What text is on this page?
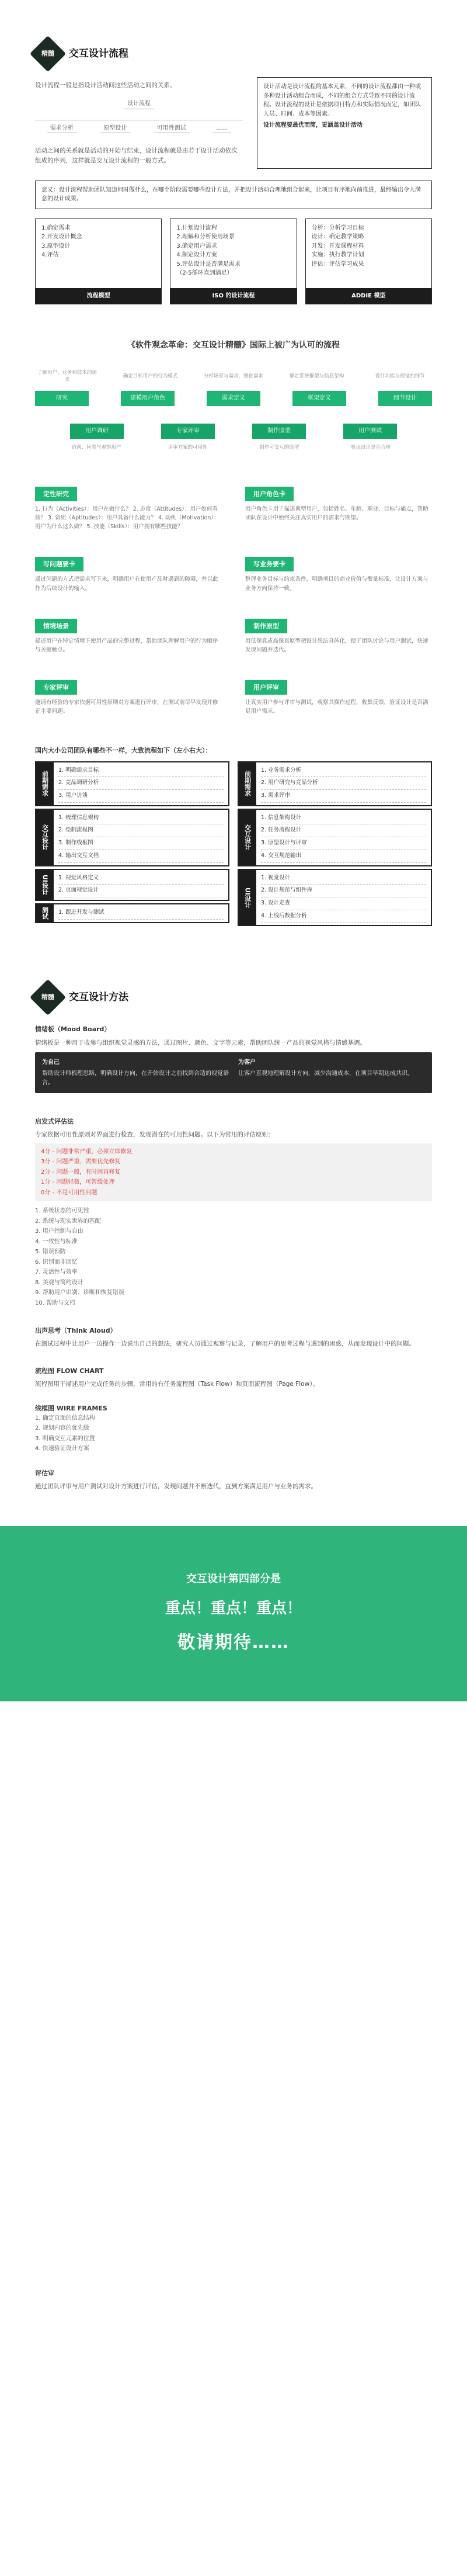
精髓 交互设计流程
设计流程一般是指设计活动间这些活动之间的关系。
设计流程
需求分析	原型设计	可用性测试	……
活动之间的关系就是活动的开始与结束，设计流程就是由若干设计活动依次组成的序列，这样就是交互设计流程的一般方式。
设计活动是设计流程的基本元素，不同的设计流程都由一种或多种设计活动组合而成，不同的组合方式导致不同的设计流程。设计流程的设计是依据项目特点和实际情况而定，如团队人员、时间、成本等因素。
设计流程要最优而简，更涵盖设计活动
意义：设计流程帮助团队知道何时做什么，在哪个阶段需要哪些设计方法，并把设计活动合理地组合起来，让项目有序地向前推进，最终输出令人满意的设计成果。
1.确定需求
2.开发设计概念
3.原型设计
4.评估
流程模型
1.计划设计流程
2.理解和分析使用场景
3.确定用户需求
4.制定设计方案
5.评估设计是否满足需求
（2-5循环直到满足）
ISO 的设计流程
分析：分析学习目标
设计：确定教学策略
开发：开发课程材料
实施：执行教学计划
评估：评估学习成果
ADDIE 模型
《软件观念革命：交互设计精髓》国际上被广为认可的流程
了解用户、业务和技术的需求
确定目标用户的行为模式	分析场景与需求，细化需求	确定系统框架与信息架构	设计功能与视觉的细节
研究	建模用户角色	需求定义	框架定义	细节设计
用户调研	专家评审	制作原型	用户测试
访谈、问卷与观察用户	评审方案的可用性	制作可交互的原型	验证设计是否合理
定性研究
1. 行为（Activities）：用户在做什么？ 2. 态度（Attitudes）：用户如何看待？ 3. 资质（Aptitudes）：用户具备什么能力？ 4. 动机（Motivation）：用户为什么这么做？ 5. 技能（Skills）：用户拥有哪些技能？
用户角色卡
用户角色卡用于描述典型用户，包括姓名、年龄、职业、目标与痛点，帮助团队在设计中始终关注真实用户的需求与期望。
写问题要卡
通过问题的方式把需求写下来，明确用户在使用产品时遇到的障碍，并以此作为后续设计的输入。
写业务要卡
整理业务目标与约束条件，明确项目的商业价值与衡量标准，让设计方案与业务方向保持一致。
情境场景
描述用户在特定情境下使用产品的完整过程，帮助团队理解用户的行为顺序与关键触点。
制作原型
用低保真或高保真原型把设计想法具体化，便于团队讨论与用户测试，快速发现问题并迭代。
专家评审
邀请有经验的专家依据可用性原则对方案进行评审，在测试前尽早发现并修正主要问题。
用户评审
让真实用户参与评审与测试，观察其操作过程，收集反馈，验证设计是否满足用户需求。
国内大小公司团队有哪些不一样，大致流程如下（左小右大）：
前期需求
1. 明确需求目标
2. 竞品调研分析
3. 用户访谈
交互设计
1. 梳理信息架构
2. 绘制流程图
3. 制作线框图
4. 输出交互文档
UI设计	1. 视觉风格定义
2. 页面视觉设计
测试	1. 跟进开发与测试
前期需求
1. 业务需求分析
2. 用户研究与竞品分析
3. 需求评审
交互设计
1. 信息架构设计
2. 任务流程设计
3. 原型设计与评审
4. 交互规范输出
UI设计
1. 视觉设计
2. 设计规范与组件库
3. 设计走查
4. 上线后数据分析
精髓 交互设计方法
情绪板（Mood Board）
情绪板是一种用于收集与组织视觉灵感的方法，通过图片、颜色、文字等元素，帮助团队统一产品的视觉风格与情感基调。
为自己
帮助设计师梳理思路，明确设计方向，在开始设计之前找到合适的视觉语言。
为客户
让客户直观地理解设计方向，减少沟通成本，在项目早期达成共识。
启发式评估法
专家依据可用性原则对界面进行检查，发现潜在的可用性问题。以下为常用的评估原则：
4分 - 问题非常严重，必须立即修复
3分 - 问题严重，需要优先修复
2分 - 问题一般，有时间再修复
1分 - 问题轻微，可暂缓处理
0分 - 不是可用性问题
1. 系统状态的可见性
2. 系统与现实世界的匹配
3. 用户控制与自由
4. 一致性与标准
5. 错误预防
6. 识别而非回忆
7. 灵活性与效率
8. 美观与简约设计
9. 帮助用户识别、诊断和恢复错误
10. 帮助与文档
出声思考（Think Aloud）
在测试过程中让用户一边操作一边说出自己的想法，研究人员通过观察与记录，了解用户的思考过程与遇到的困惑，从而发现设计中的问题。
流程图 FLOW CHART
流程图用于描述用户完成任务的步骤，常用的有任务流程图（Task Flow）和页面流程图（Page Flow）。
线框图 WIRE FRAMES
1. 确定页面的信息结构
2. 规划内容的优先级
3. 明确交互元素的位置
4. 快速验证设计方案
评估审
通过团队评审与用户测试对设计方案进行评估，发现问题并不断迭代，直到方案满足用户与业务的需求。
交互设计第四部分是
重点！重点！重点！
敬请期待……
